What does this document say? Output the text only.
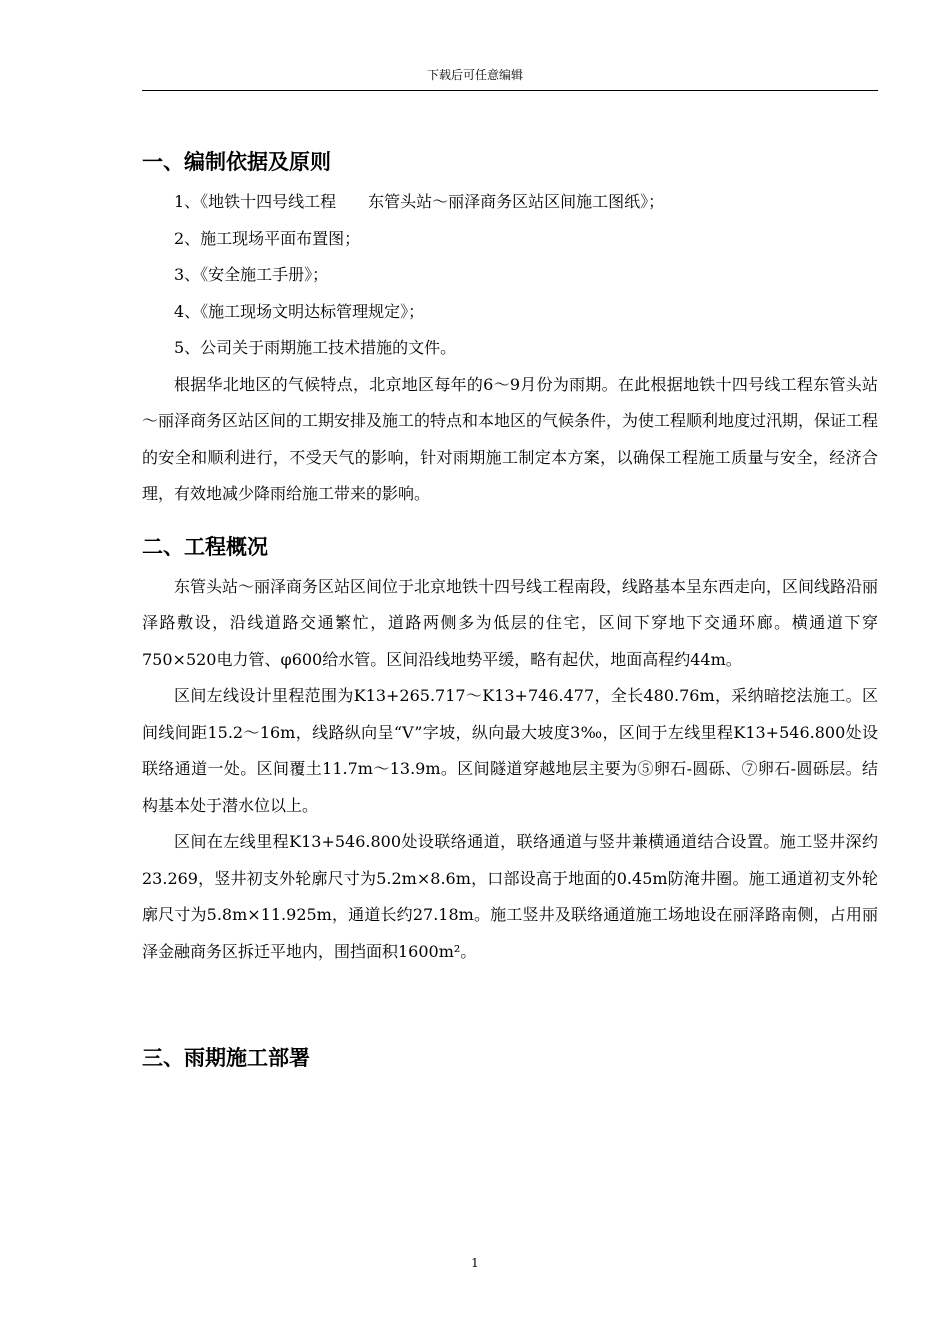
下载后可任意编辑
一、编制依据及原则

1、《地铁十四号线工程　　东管头站～丽泽商务区站区间施工图纸》；

2、施工现场平面布置图；

3、《安全施工手册》；

4、《施工现场文明达标管理规定》；

5、公司关于雨期施工技术措施的文件。

根据华北地区的气候特点，北京地区每年的6～9月份为雨期。在此根据地铁十四号线工程东管头站～丽泽商务区站区间的工期安排及施工的特点和本地区的气候条件，为使工程顺利地度过汛期，保证工程的安全和顺利进行，不受天气的影响，针对雨期施工制定本方案，以确保工程施工质量与安全，经济合理，有效地减少降雨给施工带来的影响。

二、工程概况

东管头站～丽泽商务区站区间位于北京地铁十四号线工程南段，线路基本呈东西走向，区间线路沿丽泽路敷设，沿线道路交通繁忙，道路两侧多为低层的住宅，区间下穿地下交通环廊。横通道下穿750×520电力管、φ600给水管。区间沿线地势平缓，略有起伏，地面高程约44m。

区间左线设计里程范围为K13+265.717～K13+746.477，全长480.76m，采纳暗挖法施工。区间线间距15.2～16m，线路纵向呈“V”字坡，纵向最大坡度3‰，区间于左线里程K13+546.800处设联络通道一处。区间覆土11.7m～13.9m。区间隧道穿越地层主要为⑤卵石-圆砾、⑦卵石-圆砾层。结构基本处于潜水位以上。

区间在左线里程K13+546.800处设联络通道，联络通道与竖井兼横通道结合设置。施工竖井深约23.269，竖井初支外轮廓尺寸为5.2m×8.6m，口部设高于地面的0.45m防淹井圈。施工通道初支外轮廓尺寸为5.8m×11.925m，通道长约27.18m。施工竖井及联络通道施工场地设在丽泽路南侧，占用丽泽金融商务区拆迁平地内，围挡面积1600m²。

三、雨期施工部署
1
